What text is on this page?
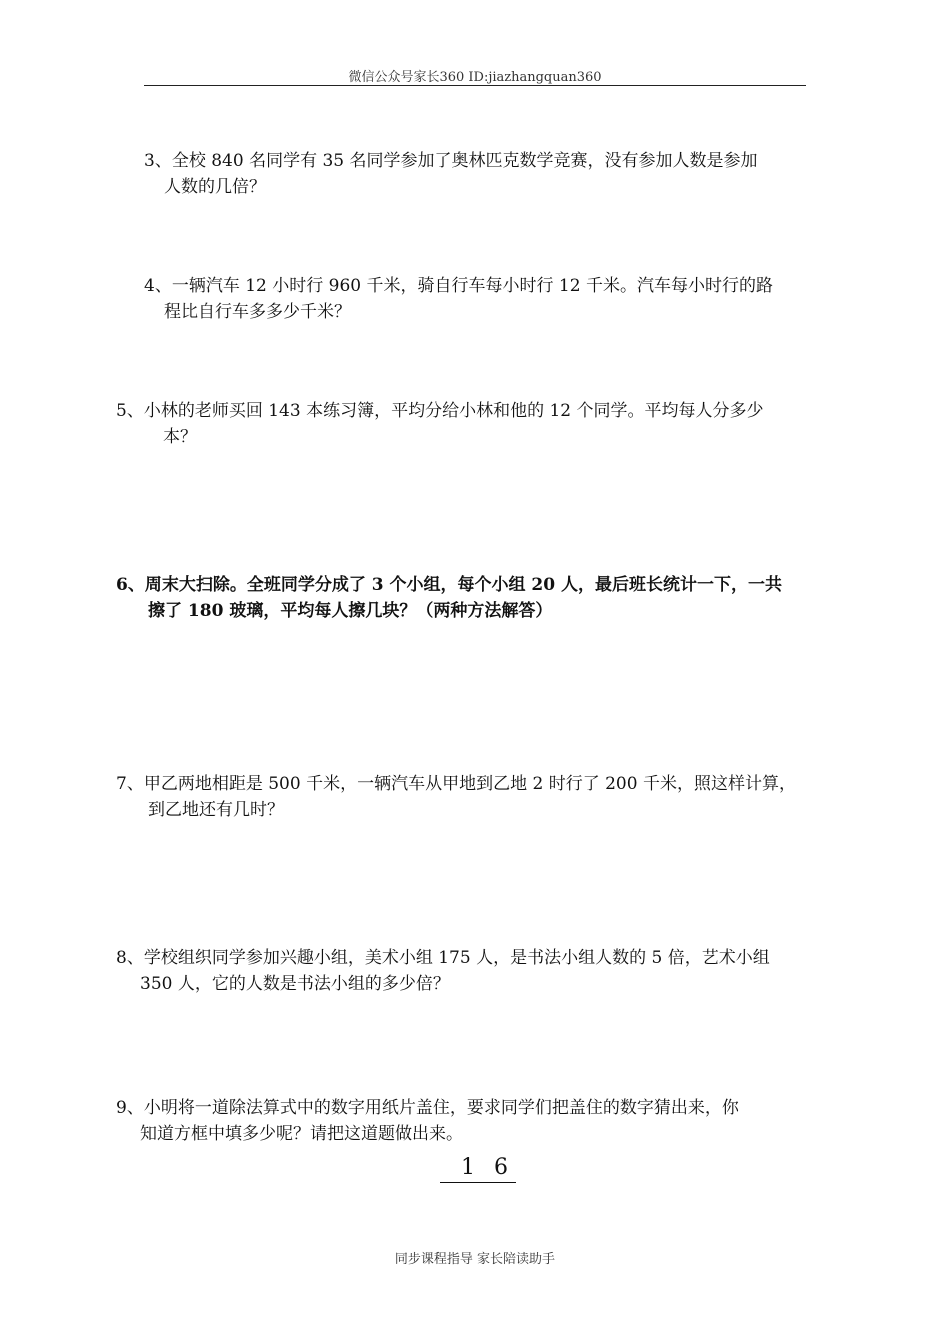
微信公众号家长360 ID:jiazhangquan360
3、全校 840 名同学有 35 名同学参加了奥林匹克数学竞赛，没有参加人数是参加
人数的几倍？
4、一辆汽车 12 小时行 960 千米，骑自行车每小时行 12 千米。汽车每小时行的路
程比自行车多多少千米？
5、小林的老师买回 143 本练习簿，平均分给小林和他的 12 个同学。平均每人分多少
本？
6、周末大扫除。全班同学分成了 3 个小组，每个小组 20 人，最后班长统计一下，一共
擦了 180 玻璃，平均每人擦几块？（两种方法解答）
7、甲乙两地相距是 500 千米，一辆汽车从甲地到乙地 2 时行了 200 千米，照这样计算，
到乙地还有几时？
8、学校组织同学参加兴趣小组，美术小组 175 人，是书法小组人数的 5 倍，艺术小组
350 人，它的人数是书法小组的多少倍？
9、小明将一道除法算式中的数字用纸片盖住，要求同学们把盖住的数字猜出来，你
知道方框中填多少呢？请把这道题做出来。
1 6
同步课程指导 家长陪读助手
